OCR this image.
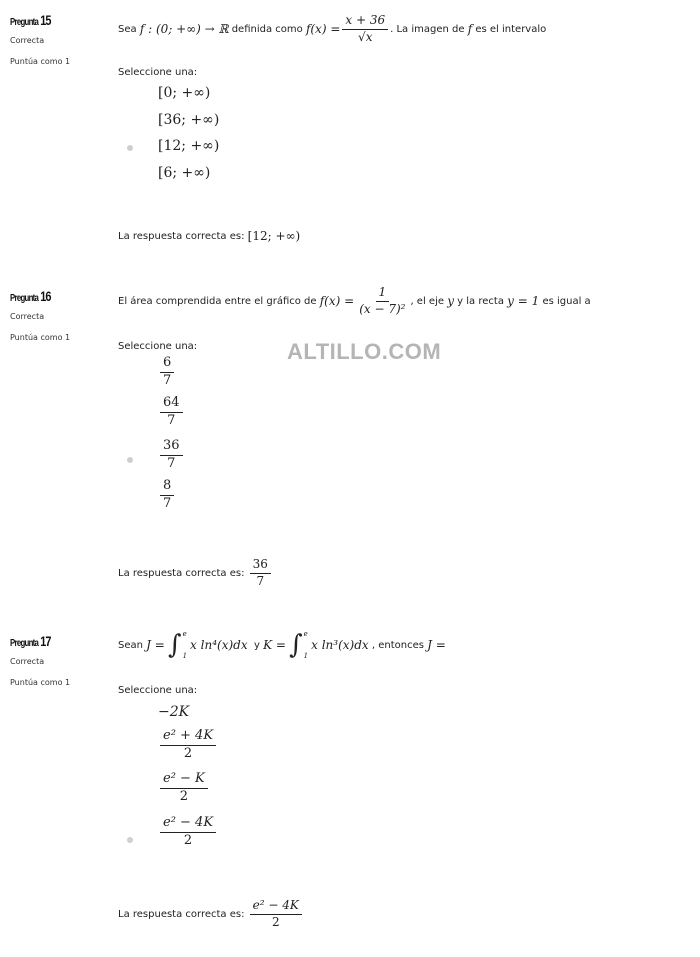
Pregunta 15
Correcta
Puntúa como 1
Sea
f : (0; +∞) → ℝ
definida como
$f(x) = \frac{x + 36}{√x}$ . La imagen de
f
es el intervalo
Seleccione una:
[0; +∞)
[36; +∞)
[12; +∞)
[6; +∞)
La respuesta correcta es:
[12; +∞)
ALTILLO.COM
Pregunta 16
Correcta
Puntúa como 1
El área comprendida entre el gráfico de
$f(x) = \frac{1}{\text{(x − 7)²}}$ , el eje
y
y la recta
y = 1
es igual a
Seleccione una:
$\frac{6}{7}$
$\frac{64}{7}$
$\frac{36}{7}$
$\frac{8}{7}$
La respuesta correcta es:
$\frac{36}{7}$
Pregunta 17
Correcta
Puntúa como 1
Sean
J =
∫ e
1
x ln⁴(x)dx
y
K =
∫ e
1
x ln³(x)dx
, entonces
J =
Seleccione una:
−2K
$\frac{\text{e² + 4K}}{2}$
$\frac{\text{e² − K}}{2}$
$\frac{\text{e² − 4K}}{2}$
La respuesta correcta es:
$\frac{\text{e² − 4K}}{2}$
